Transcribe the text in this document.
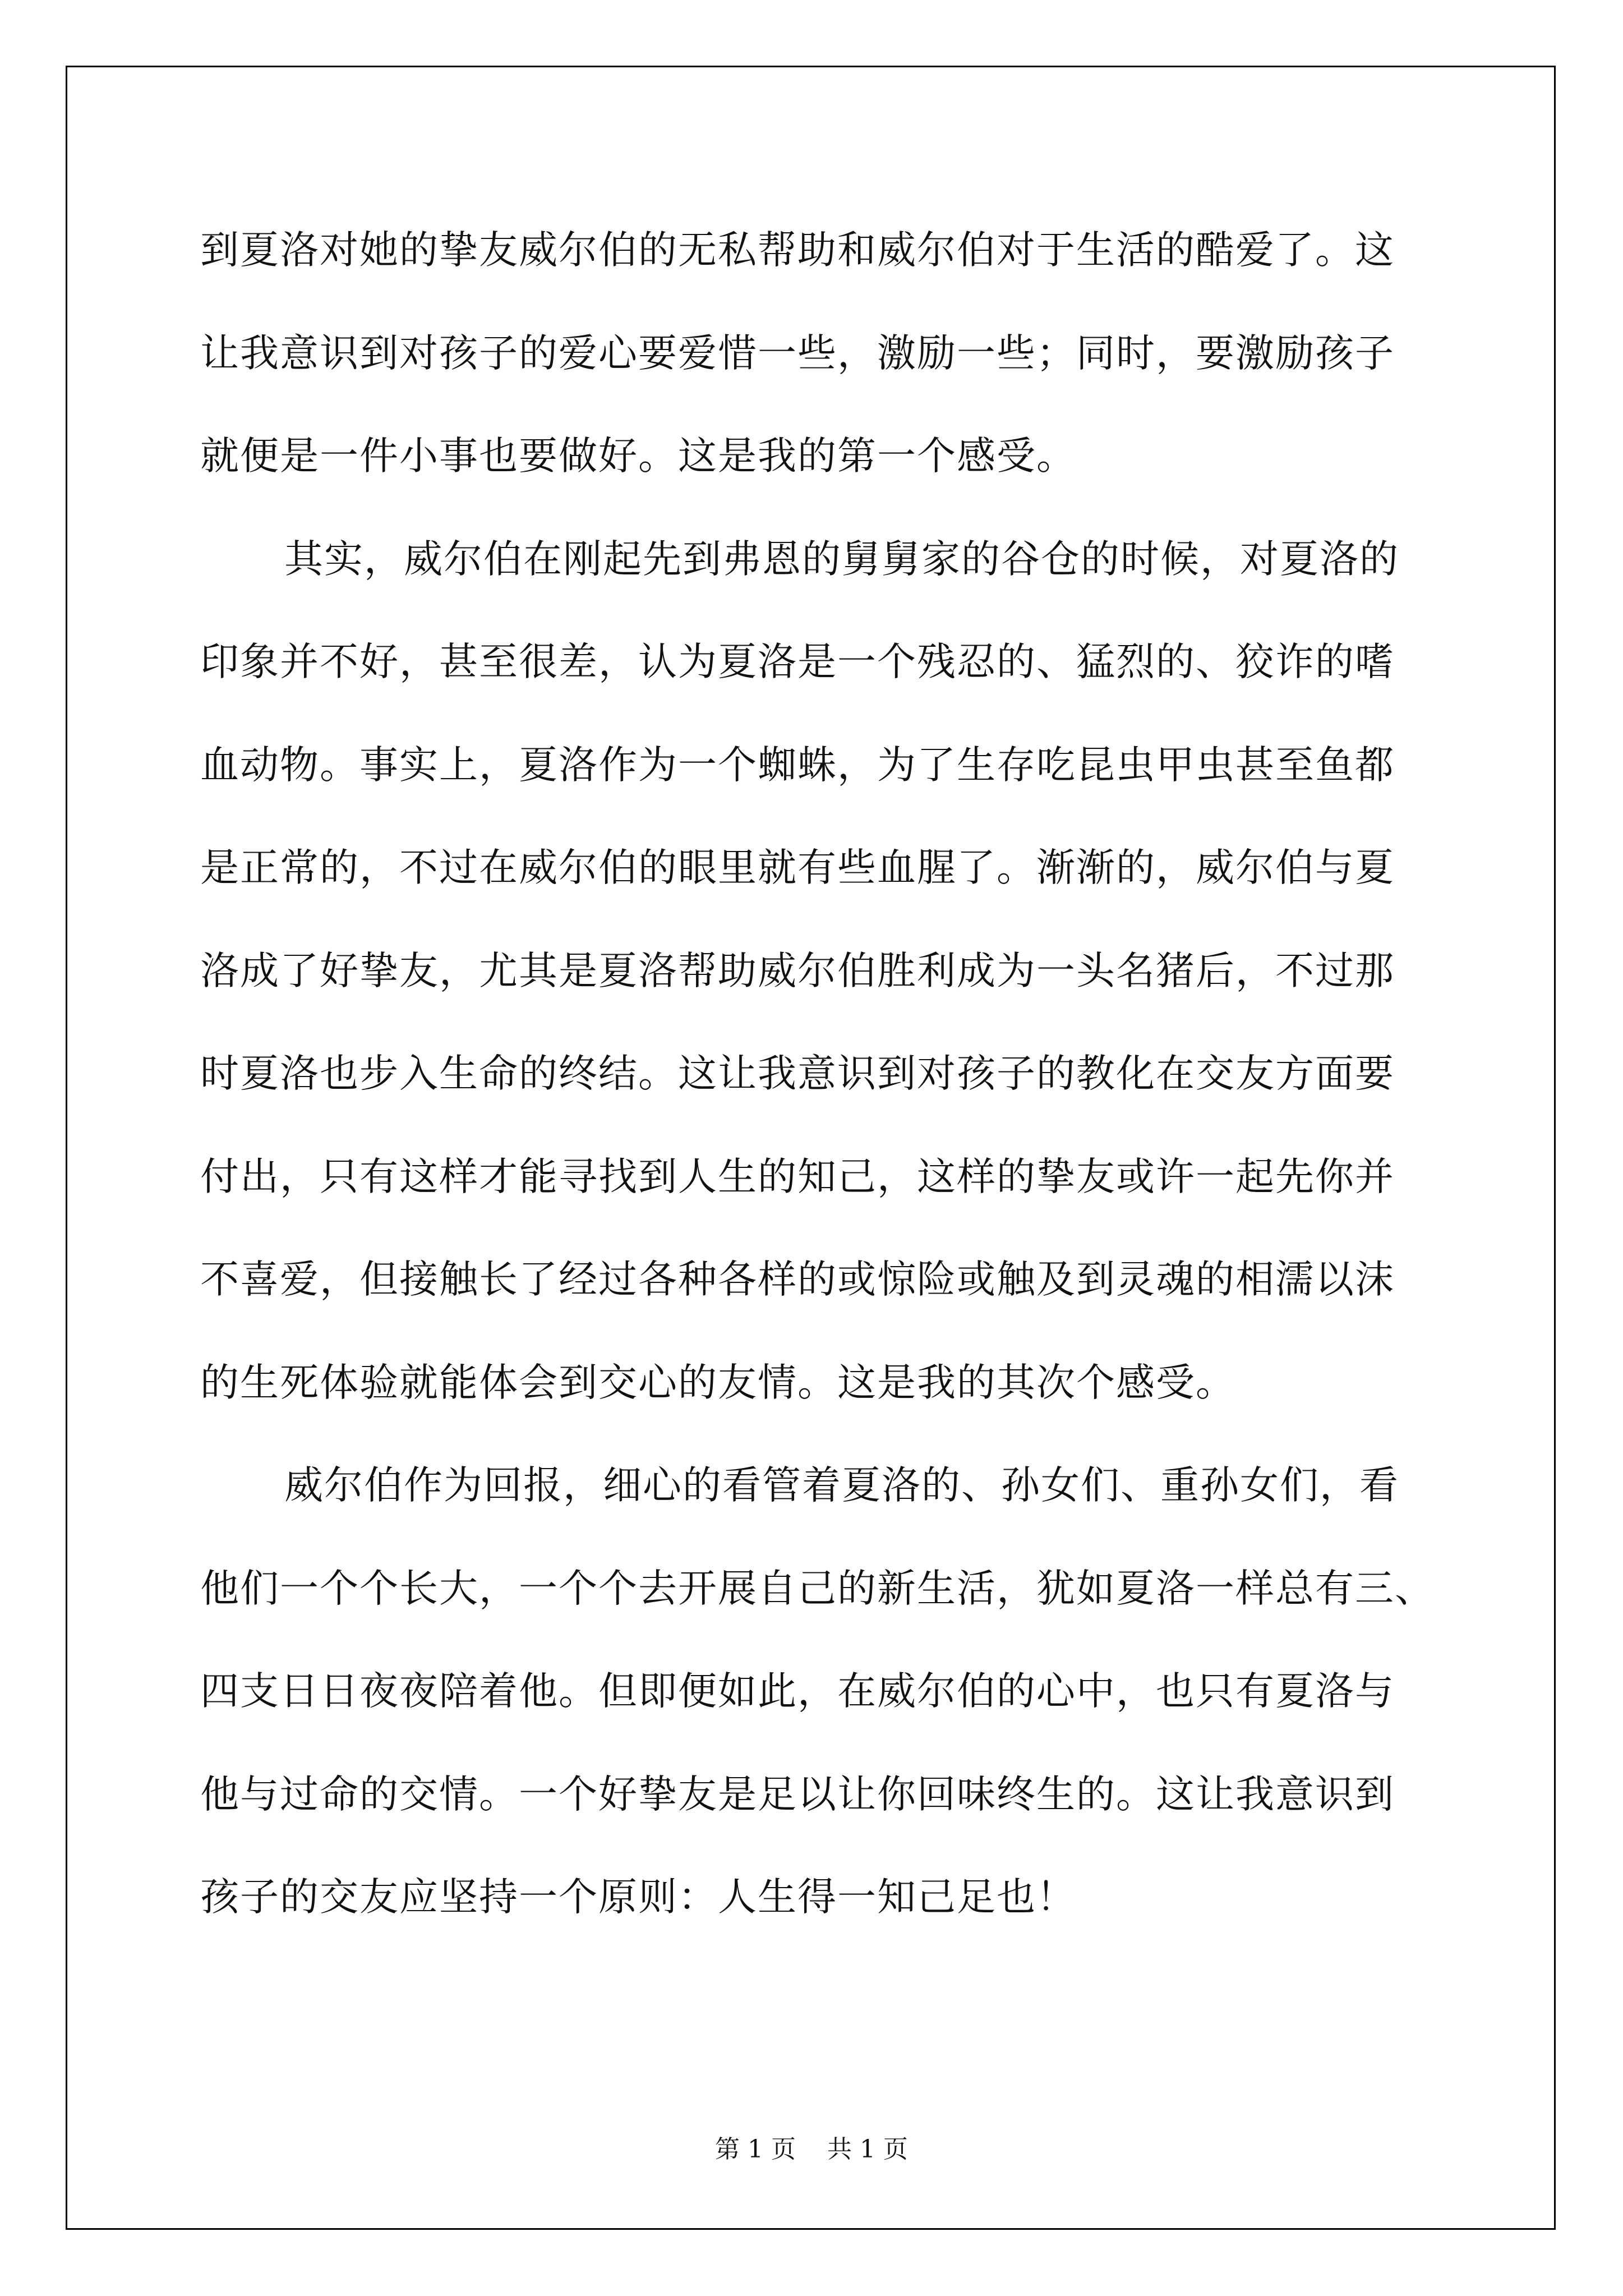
到夏洛对她的挚友威尔伯的无私帮助和威尔伯对于生活的酷爱了。这
让我意识到对孩子的爱心要爱惜一些，激励一些；同时，要激励孩子
就便是一件小事也要做好。这是我的第一个感受。
其实，威尔伯在刚起先到弗恩的舅舅家的谷仓的时候，对夏洛的
印象并不好，甚至很差，认为夏洛是一个残忍的、猛烈的、狡诈的嗜
血动物。事实上，夏洛作为一个蜘蛛，为了生存吃昆虫甲虫甚至鱼都
是正常的，不过在威尔伯的眼里就有些血腥了。渐渐的，威尔伯与夏
洛成了好挚友，尤其是夏洛帮助威尔伯胜利成为一头名猪后，不过那
时夏洛也步入生命的终结。这让我意识到对孩子的教化在交友方面要
付出，只有这样才能寻找到人生的知己，这样的挚友或许一起先你并
不喜爱，但接触长了经过各种各样的或惊险或触及到灵魂的相濡以沫
的生死体验就能体会到交心的友情。这是我的其次个感受。
威尔伯作为回报，细心的看管着夏洛的、孙女们、重孙女们，看
他们一个个长大，一个个去开展自己的新生活，犹如夏洛一样总有三、
四支日日夜夜陪着他。但即便如此，在威尔伯的心中，也只有夏洛与
他与过命的交情。一个好挚友是足以让你回味终生的。这让我意识到
孩子的交友应坚持一个原则：人生得一知己足也！
第 1 页    共 1 页
